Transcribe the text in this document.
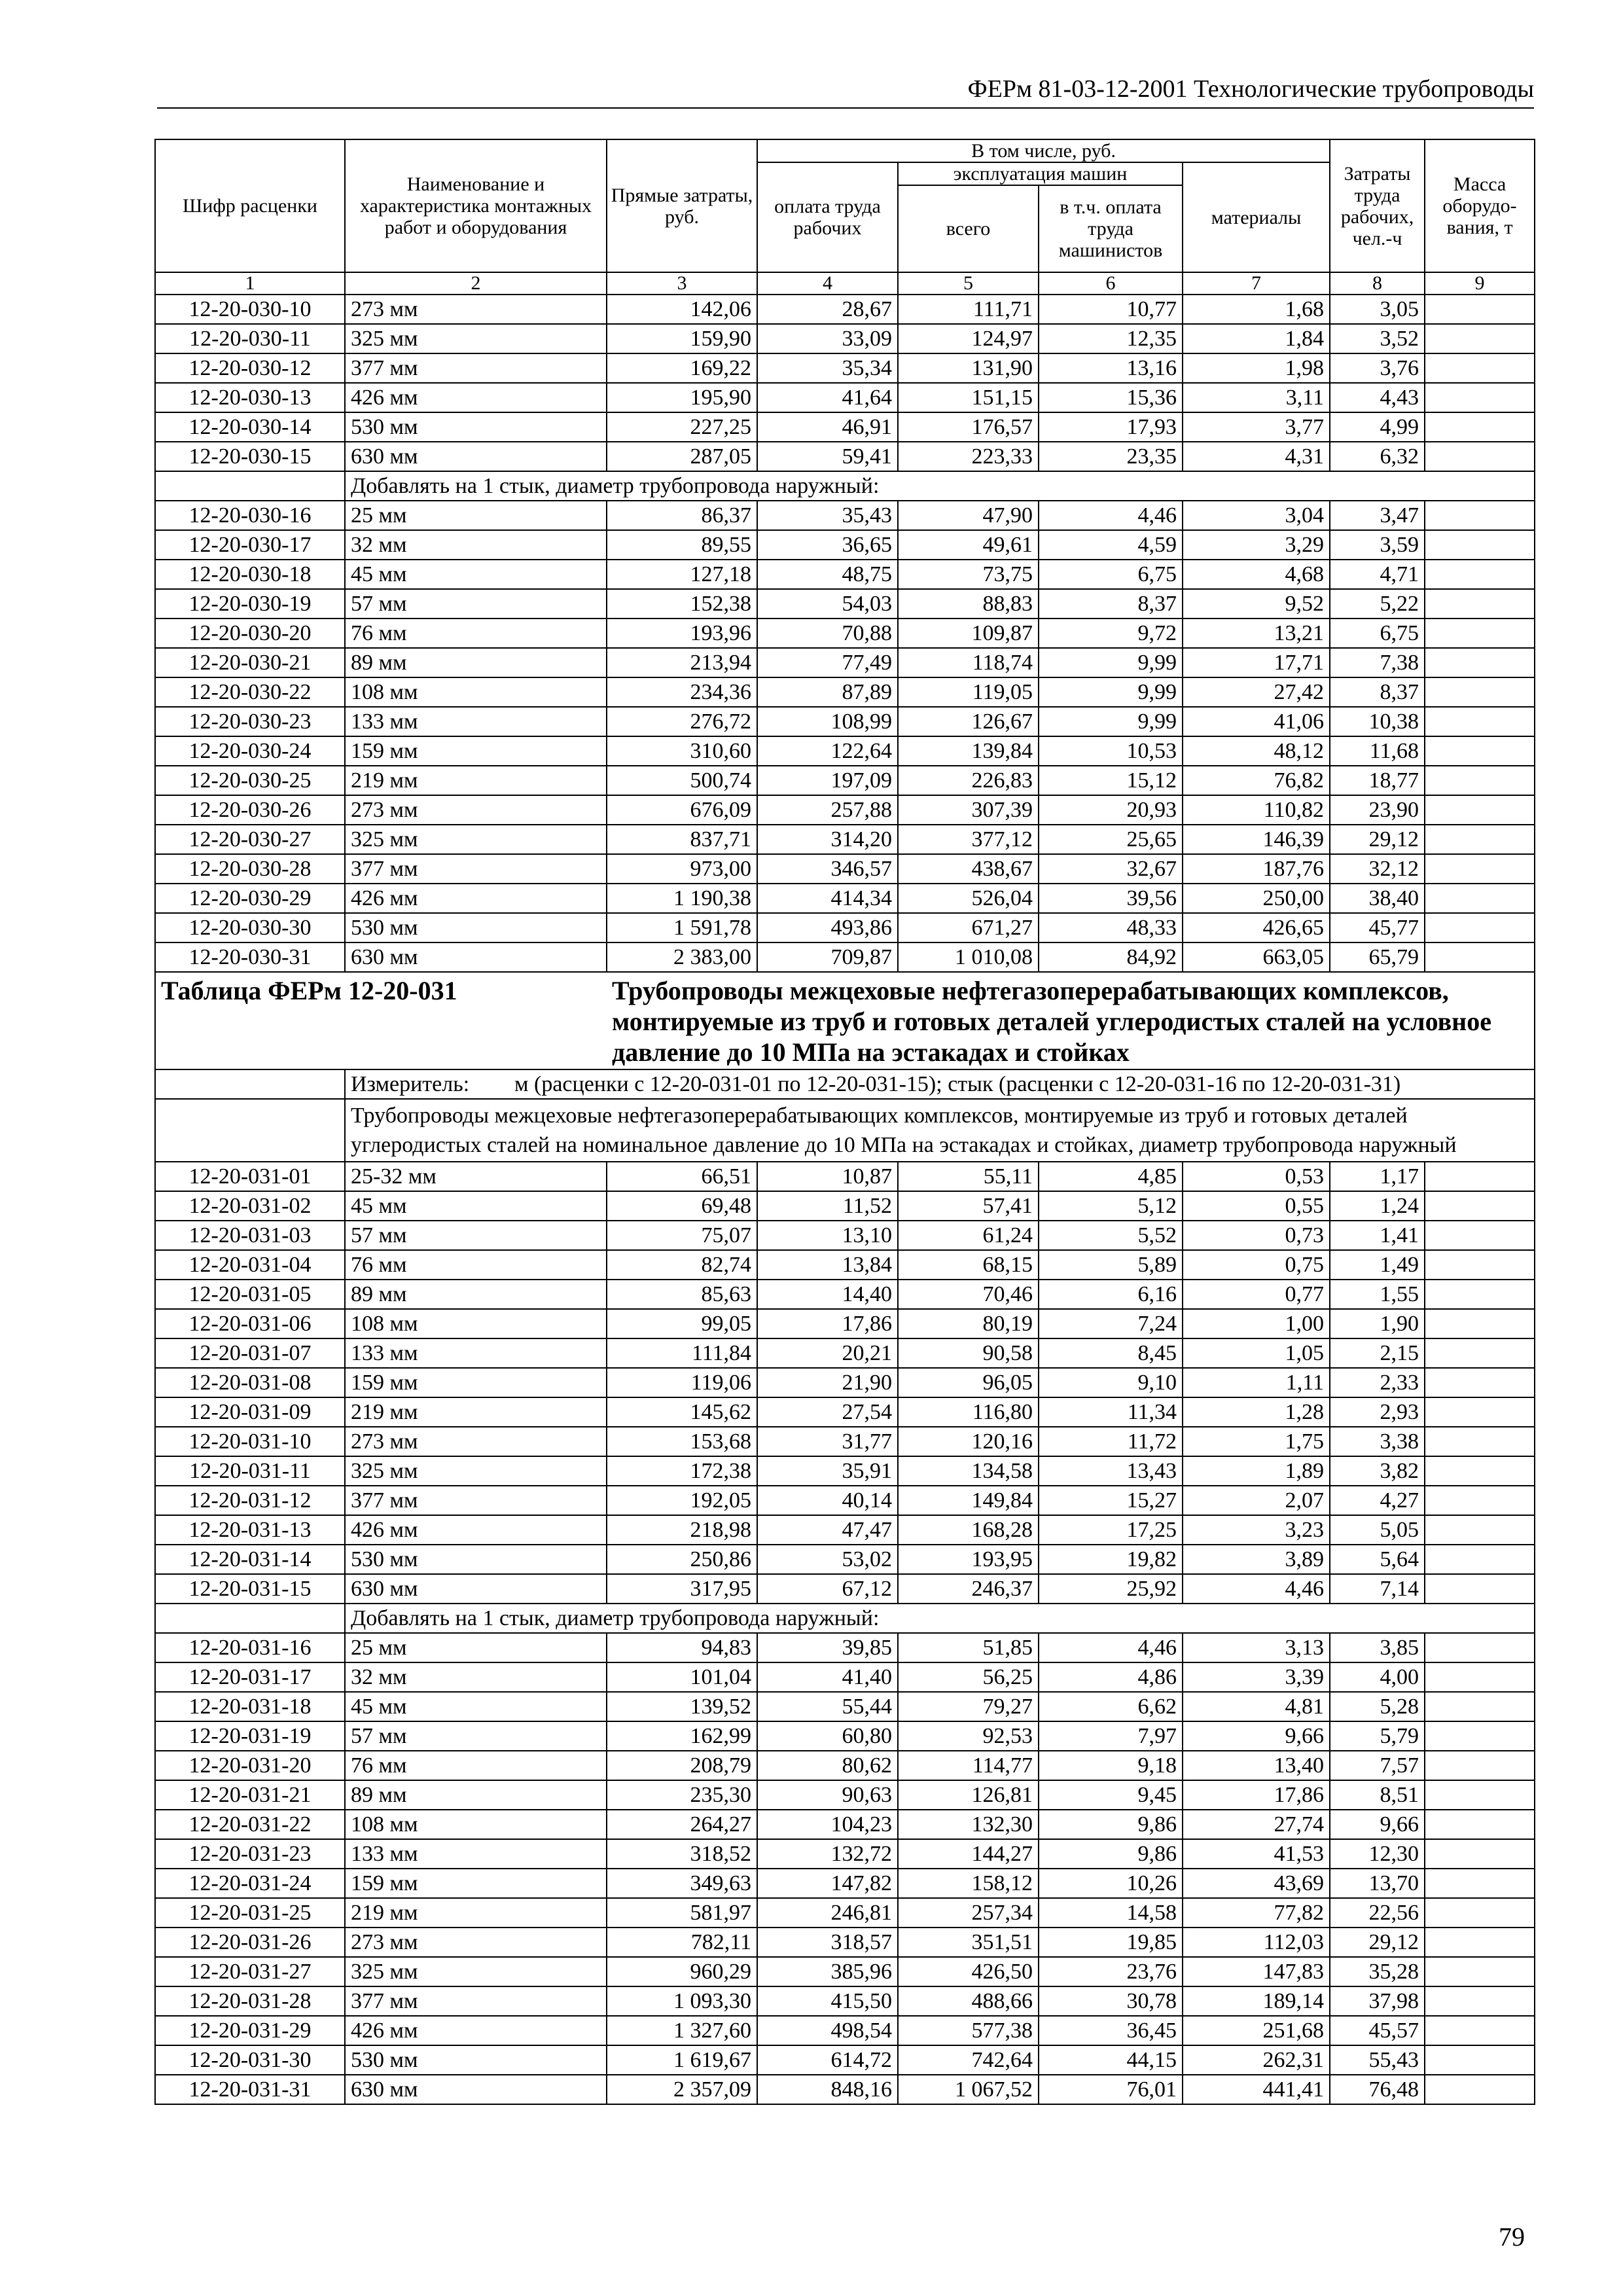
ФЕРм 81-03-12-2001 Технологические трубопроводы
Шифр расценки	Наименование и характеристика монтажных работ и оборудования	Прямые затраты, руб.	В том числе, руб.				Затраты труда рабочих, чел.-ч	Масса оборудо-вания, т
			оплата труда рабочих	эксплуатация машин		материалы		
				всего	в т.ч. оплата труда машинистов			
1	2	3	4	5	6	7	8	9
12-20-030-10	273 мм	142,06	28,67	111,71	10,77	1,68	3,05	
12-20-030-11	325 мм	159,90	33,09	124,97	12,35	1,84	3,52	
12-20-030-12	377 мм	169,22	35,34	131,90	13,16	1,98	3,76	
12-20-030-13	426 мм	195,90	41,64	151,15	15,36	3,11	4,43	
12-20-030-14	530 мм	227,25	46,91	176,57	17,93	3,77	4,99	
12-20-030-15	630 мм	287,05	59,41	223,33	23,35	4,31	6,32	
	Добавлять на 1 стык, диаметр трубопровода наружный:							
12-20-030-16	25 мм	86,37	35,43	47,90	4,46	3,04	3,47	
12-20-030-17	32 мм	89,55	36,65	49,61	4,59	3,29	3,59	
12-20-030-18	45 мм	127,18	48,75	73,75	6,75	4,68	4,71	
12-20-030-19	57 мм	152,38	54,03	88,83	8,37	9,52	5,22	
12-20-030-20	76 мм	193,96	70,88	109,87	9,72	13,21	6,75	
12-20-030-21	89 мм	213,94	77,49	118,74	9,99	17,71	7,38	
12-20-030-22	108 мм	234,36	87,89	119,05	9,99	27,42	8,37	
12-20-030-23	133 мм	276,72	108,99	126,67	9,99	41,06	10,38	
12-20-030-24	159 мм	310,60	122,64	139,84	10,53	48,12	11,68	
12-20-030-25	219 мм	500,74	197,09	226,83	15,12	76,82	18,77	
12-20-030-26	273 мм	676,09	257,88	307,39	20,93	110,82	23,90	
12-20-030-27	325 мм	837,71	314,20	377,12	25,65	146,39	29,12	
12-20-030-28	377 мм	973,00	346,57	438,67	32,67	187,76	32,12	
12-20-030-29	426 мм	1 190,38	414,34	526,04	39,56	250,00	38,40	
12-20-030-30	530 мм	1 591,78	493,86	671,27	48,33	426,65	45,77	
12-20-030-31	630 мм	2 383,00	709,87	1 010,08	84,92	663,05	65,79	
Таблица ФЕРм 12-20-031		Трубопроводы межцеховые нефтегазоперерабатывающих комплексов, монтируемые из труб и готовых деталей углеродистых сталей на условное давление до 10 МПа на эстакадах и стойках						
	Измеритель: м (расценки с 12-20-031-01 по 12-20-031-15); стык (расценки с 12-20-031-16 по 12-20-031-31)							
	Трубопроводы межцеховые нефтегазоперерабатывающих комплексов, монтируемые из труб и готовых деталей углеродистых сталей на номинальное давление до 10 МПа на эстакадах и стойках, диаметр трубопровода наружный							
12-20-031-01	25-32 мм	66,51	10,87	55,11	4,85	0,53	1,17	
12-20-031-02	45 мм	69,48	11,52	57,41	5,12	0,55	1,24	
12-20-031-03	57 мм	75,07	13,10	61,24	5,52	0,73	1,41	
12-20-031-04	76 мм	82,74	13,84	68,15	5,89	0,75	1,49	
12-20-031-05	89 мм	85,63	14,40	70,46	6,16	0,77	1,55	
12-20-031-06	108 мм	99,05	17,86	80,19	7,24	1,00	1,90	
12-20-031-07	133 мм	111,84	20,21	90,58	8,45	1,05	2,15	
12-20-031-08	159 мм	119,06	21,90	96,05	9,10	1,11	2,33	
12-20-031-09	219 мм	145,62	27,54	116,80	11,34	1,28	2,93	
12-20-031-10	273 мм	153,68	31,77	120,16	11,72	1,75	3,38	
12-20-031-11	325 мм	172,38	35,91	134,58	13,43	1,89	3,82	
12-20-031-12	377 мм	192,05	40,14	149,84	15,27	2,07	4,27	
12-20-031-13	426 мм	218,98	47,47	168,28	17,25	3,23	5,05	
12-20-031-14	530 мм	250,86	53,02	193,95	19,82	3,89	5,64	
12-20-031-15	630 мм	317,95	67,12	246,37	25,92	4,46	7,14	
	Добавлять на 1 стык, диаметр трубопровода наружный:							
12-20-031-16	25 мм	94,83	39,85	51,85	4,46	3,13	3,85	
12-20-031-17	32 мм	101,04	41,40	56,25	4,86	3,39	4,00	
12-20-031-18	45 мм	139,52	55,44	79,27	6,62	4,81	5,28	
12-20-031-19	57 мм	162,99	60,80	92,53	7,97	9,66	5,79	
12-20-031-20	76 мм	208,79	80,62	114,77	9,18	13,40	7,57	
12-20-031-21	89 мм	235,30	90,63	126,81	9,45	17,86	8,51	
12-20-031-22	108 мм	264,27	104,23	132,30	9,86	27,74	9,66	
12-20-031-23	133 мм	318,52	132,72	144,27	9,86	41,53	12,30	
12-20-031-24	159 мм	349,63	147,82	158,12	10,26	43,69	13,70	
12-20-031-25	219 мм	581,97	246,81	257,34	14,58	77,82	22,56	
12-20-031-26	273 мм	782,11	318,57	351,51	19,85	112,03	29,12	
12-20-031-27	325 мм	960,29	385,96	426,50	23,76	147,83	35,28	
12-20-031-28	377 мм	1 093,30	415,50	488,66	30,78	189,14	37,98	
12-20-031-29	426 мм	1 327,60	498,54	577,38	36,45	251,68	45,57	
12-20-031-30	530 мм	1 619,67	614,72	742,64	44,15	262,31	55,43	
12-20-031-31	630 мм	2 357,09	848,16	1 067,52	76,01	441,41	76,48	
79
